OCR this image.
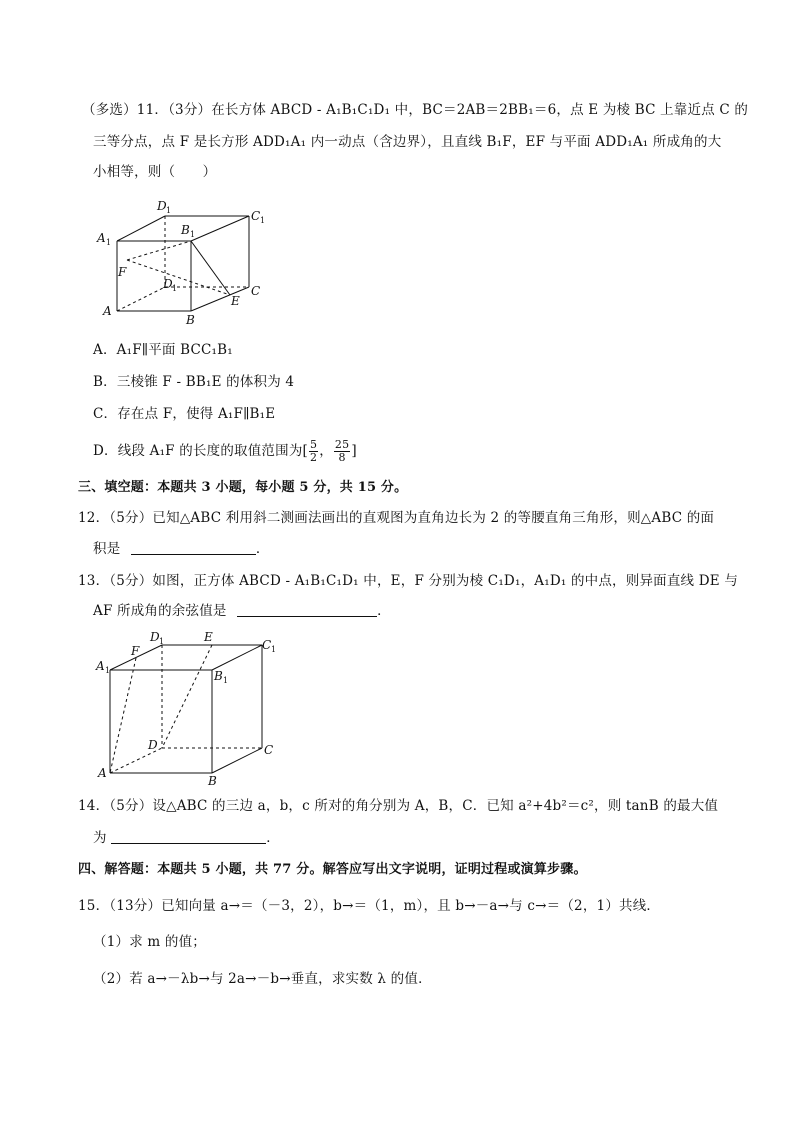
（多选）11．（3分）在长方体 ABCD - A₁B₁C₁D₁ 中，BC＝2AB＝2BB₁＝6，点 E 为棱 BC 上靠近点 C 的
三等分点，点 F 是长方形 ADD₁A₁ 内一动点（含边界），且直线 B₁F，EF 与平面 ADD₁A₁ 所成角的大
小相等，则（　　）
D 1	C 1
A 1
B 1
F
D 1
A
B
C
E
A．A₁F∥平面 BCC₁B₁
B．三棱锥 F - BB₁E 的体积为 4
C．存在点 F，使得 A₁F∥B₁E
D．线段 A₁F 的长度的取值范围为[ $\frac{5}{2}$ ， $\frac{25}{8}$ ]
三、填空题：本题共 3 小题，每小题 5 分，共 15 分。
12．（5分）已知△ABC 利用斜二测画法画出的直观图为直角边长为 2 的等腰直角三角形，则△ABC 的面
积是	．
13．（5分）如图，正方体 ABCD - A₁B₁C₁D₁ 中，E，F 分别为棱 C₁D₁，A₁D₁ 的中点，则异面直线 DE 与
AF 所成角的余弦值是	．
D 1	E
C 1
A 1
F
B 1
D	C
A
B
14．（5分）设△ABC 的三边 a，b，c 所对的角分别为 A，B，C．已知 a²+4b²＝c²，则 tanB 的最大值
为	．
四、解答题：本题共 5 小题，共 77 分。解答应写出文字说明，证明过程或演算步骤。
15．（13分）已知向量 a→＝（－3，2），b→＝（1，m），且 b→－a→与 c→＝（2，1）共线．
（1）求 m 的值；
（2）若 a→－λb→与 2a→－b→垂直，求实数 λ 的值．
